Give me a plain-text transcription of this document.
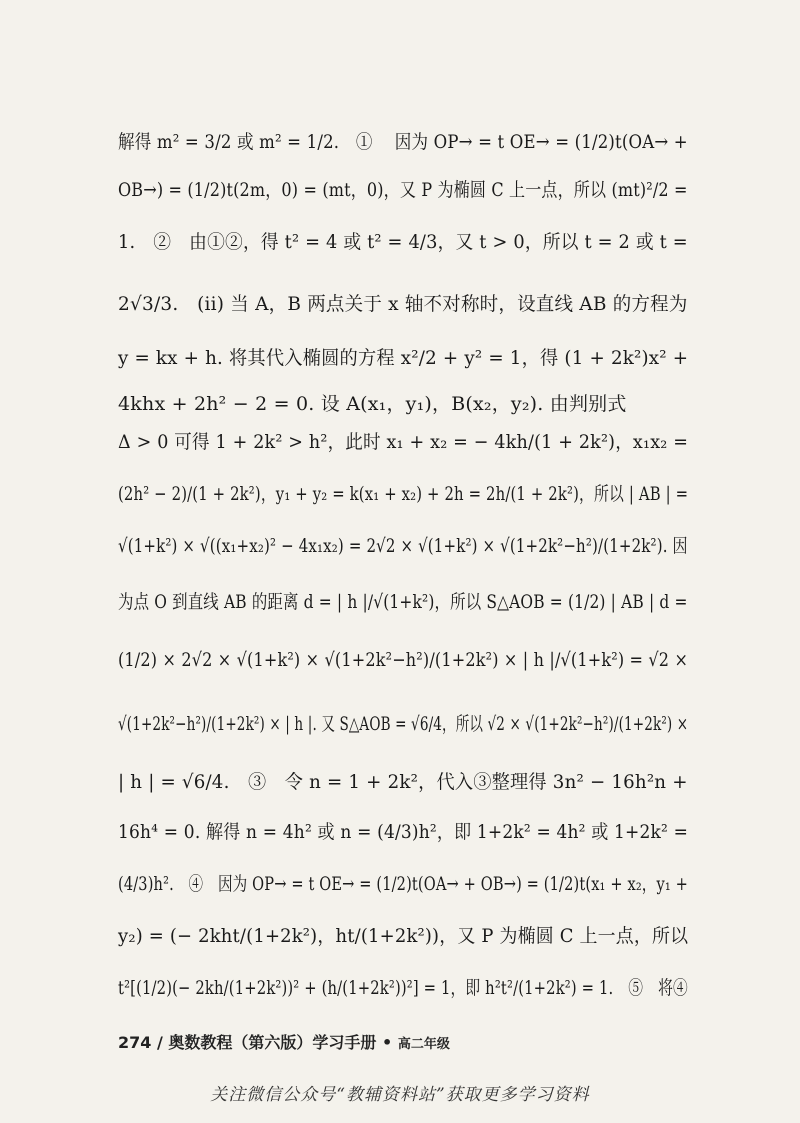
解得 m² = 3/2 或 m² = 1/2.　① 　因为 OP→ = t OE→ = (1/2)t(OA→ +
OB→) = (1/2)t(2m，0) = (mt，0)，又 P 为椭圆 C 上一点，所以 (mt)²/2 =
1.　②　由①②，得 t² = 4 或 t² = 4/3，又 t > 0，所以 t = 2 或 t =
2√3/3.　(ii) 当 A，B 两点关于 x 轴不对称时，设直线 AB 的方程为
y = kx + h. 将其代入椭圆的方程 x²/2 + y² = 1，得 (1 + 2k²)x² +
4khx + 2h² − 2 = 0. 设 A(x₁，y₁)，B(x₂，y₂). 由判别式
Δ > 0 可得 1 + 2k² > h²，此时 x₁ + x₂ = − 4kh/(1 + 2k²)，x₁x₂ =
(2h² − 2)/(1 + 2k²)，y₁ + y₂ = k(x₁ + x₂) + 2h = 2h/(1 + 2k²)，所以 | AB | =
√(1+k²) × √((x₁+x₂)² − 4x₁x₂) = 2√2 × √(1+k²) × √(1+2k²−h²)/(1+2k²). 因
为点 O 到直线 AB 的距离 d = | h |/√(1+k²)，所以 S△AOB = (1/2) | AB | d =
(1/2) × 2√2 × √(1+k²) × √(1+2k²−h²)/(1+2k²) × | h |/√(1+k²) = √2 ×
√(1+2k²−h²)/(1+2k²) × | h |. 又 S△AOB = √6/4，所以 √2 × √(1+2k²−h²)/(1+2k²) ×
| h | = √6/4.　③　令 n = 1 + 2k²，代入③整理得 3n² − 16h²n +
16h⁴ = 0. 解得 n = 4h² 或 n = (4/3)h²，即 1+2k² = 4h² 或 1+2k² =
(4/3)h².　④　因为 OP→ = t OE→ = (1/2)t(OA→ + OB→) = (1/2)t(x₁ + x₂，y₁ +
y₂) = (− 2kht/(1+2k²)，ht/(1+2k²))，又 P 为椭圆 C 上一点，所以
t²[(1/2)(− 2kh/(1+2k²))² + (h/(1+2k²))²] = 1，即 h²t²/(1+2k²) = 1.　⑤　将④
274 / 奥数教程（第六版）学习手册 • 高二年级
关注微信公众号“教辅资料站”获取更多学习资料
